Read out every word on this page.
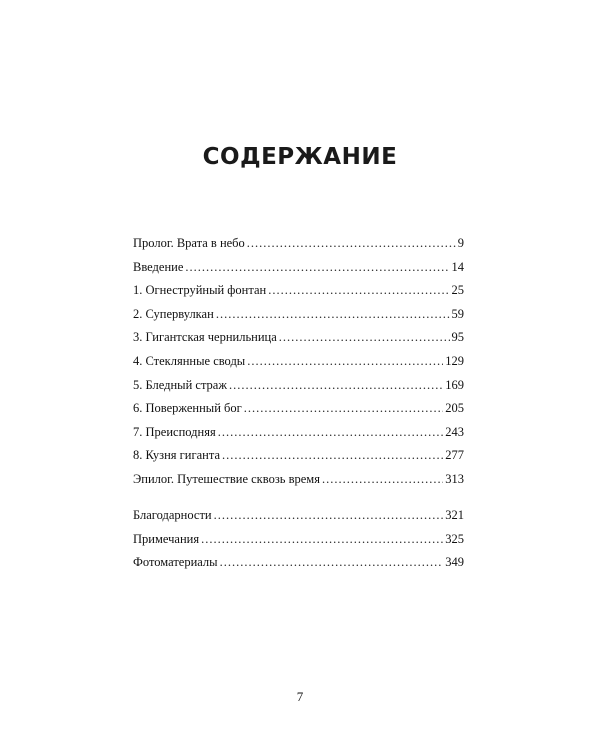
СОДЕРЖАНИЕ
Пролог. Врата в небо .....	9
Введение .....	14
1. Огнеструйный фонтан .....	25
2. Супервулкан .....	59
3. Гигантская чернильница .....	95
4. Стеклянные своды .....	129
5. Бледный страж .....	169
6. Поверженный бог .....	205
7. Преисподняя .....	243
8. Кузня гиганта .....	277
Эпилог. Путешествие сквозь время .....	313
Благодарности .....	321
Примечания .....	325
Фотоматериалы .....	349
7
